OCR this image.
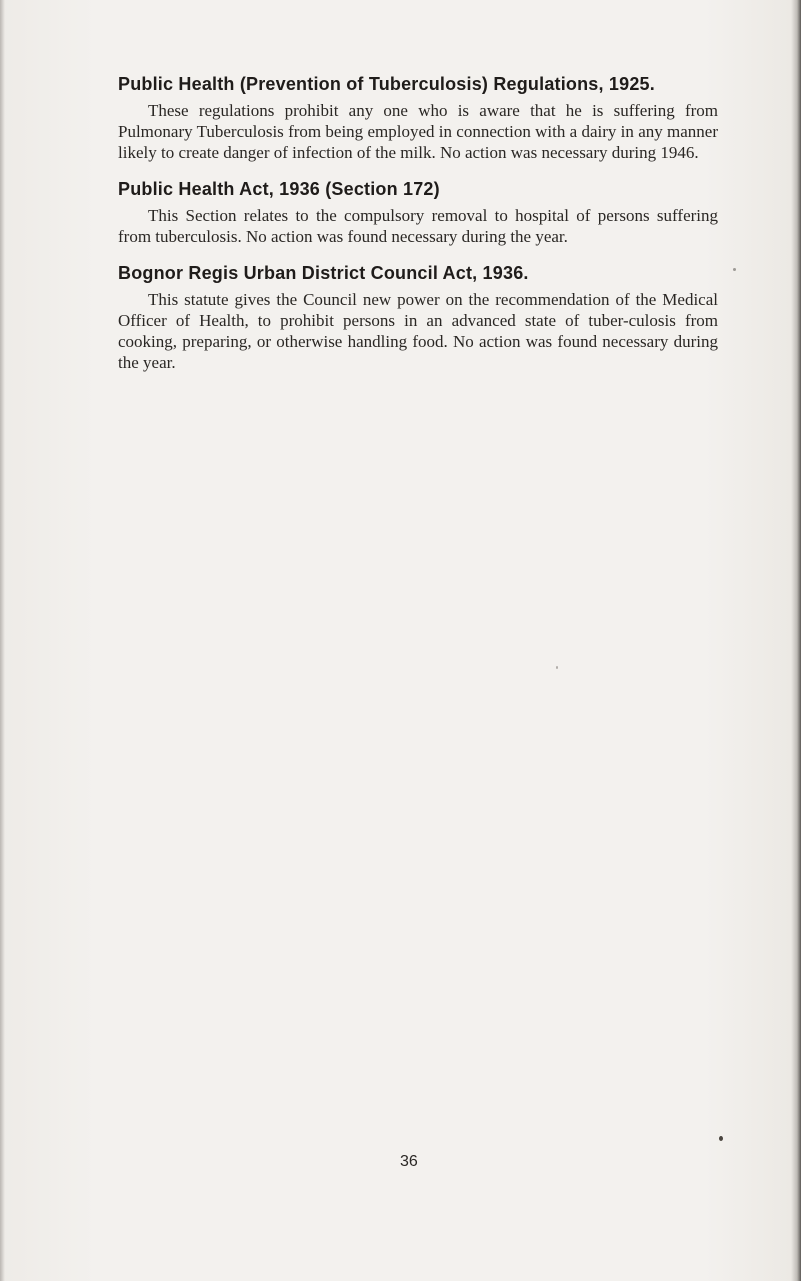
Public Health (Prevention of Tuberculosis) Regulations, 1925.

These regulations prohibit any one who is aware that he is suffering from Pulmonary Tuberculosis from being employed in connection with a dairy in any manner likely to create danger of infection of the milk. No action was necessary during 1946.

Public Health Act, 1936 (Section 172)

This Section relates to the compulsory removal to hospital of persons suffering from tuberculosis. No action was found necessary during the year.

Bognor Regis Urban District Council Act, 1936.

This statute gives the Council new power on the recommendation of the Medical Officer of Health, to prohibit persons in an advanced state of tuber-culosis from cooking, preparing, or otherwise handling food. No action was found necessary during the year.

36
